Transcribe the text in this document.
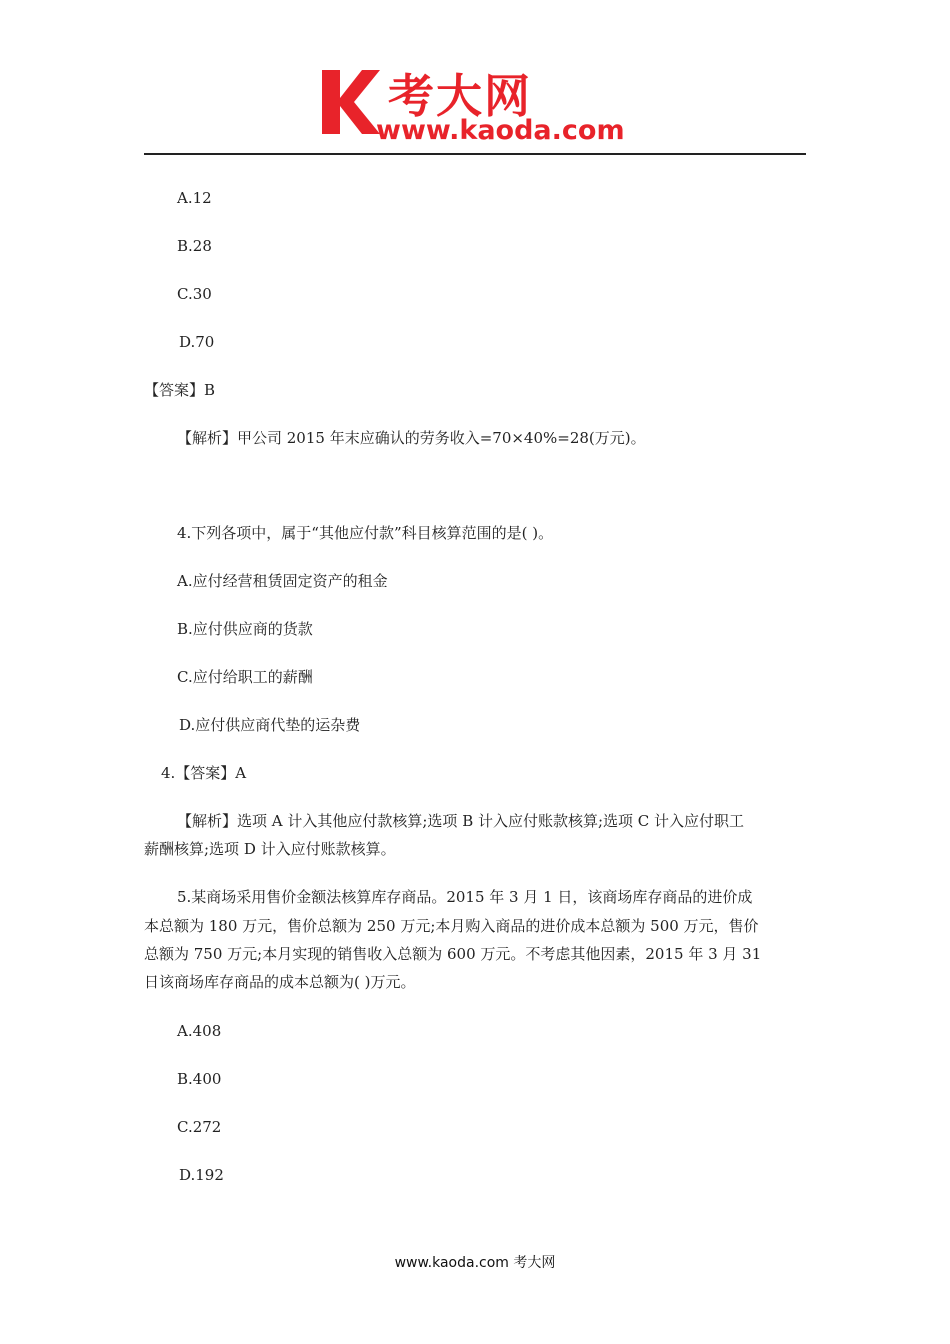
考大网
www.kaoda.com
A.12
B.28
C.30
D.70
【答案】B
【解析】甲公司 2015 年末应确认的劳务收入=70×40%=28(万元)。
4.下列各项中，属于“其他应付款”科目核算范围的是( )。
A.应付经营租赁固定资产的租金
B.应付供应商的货款
C.应付给职工的薪酬
D.应付供应商代垫的运杂费
4.【答案】A
【解析】选项 A 计入其他应付款核算;选项 B 计入应付账款核算;选项 C 计入应付职工
薪酬核算;选项 D 计入应付账款核算。
5.某商场采用售价金额法核算库存商品。2015 年 3 月 1 日，该商场库存商品的进价成
本总额为 180 万元，售价总额为 250 万元;本月购入商品的进价成本总额为 500 万元，售价
总额为 750 万元;本月实现的销售收入总额为 600 万元。不考虑其他因素，2015 年 3 月 31
日该商场库存商品的成本总额为( )万元。
A.408
B.400
C.272
D.192
www.kaoda.com 考大网
